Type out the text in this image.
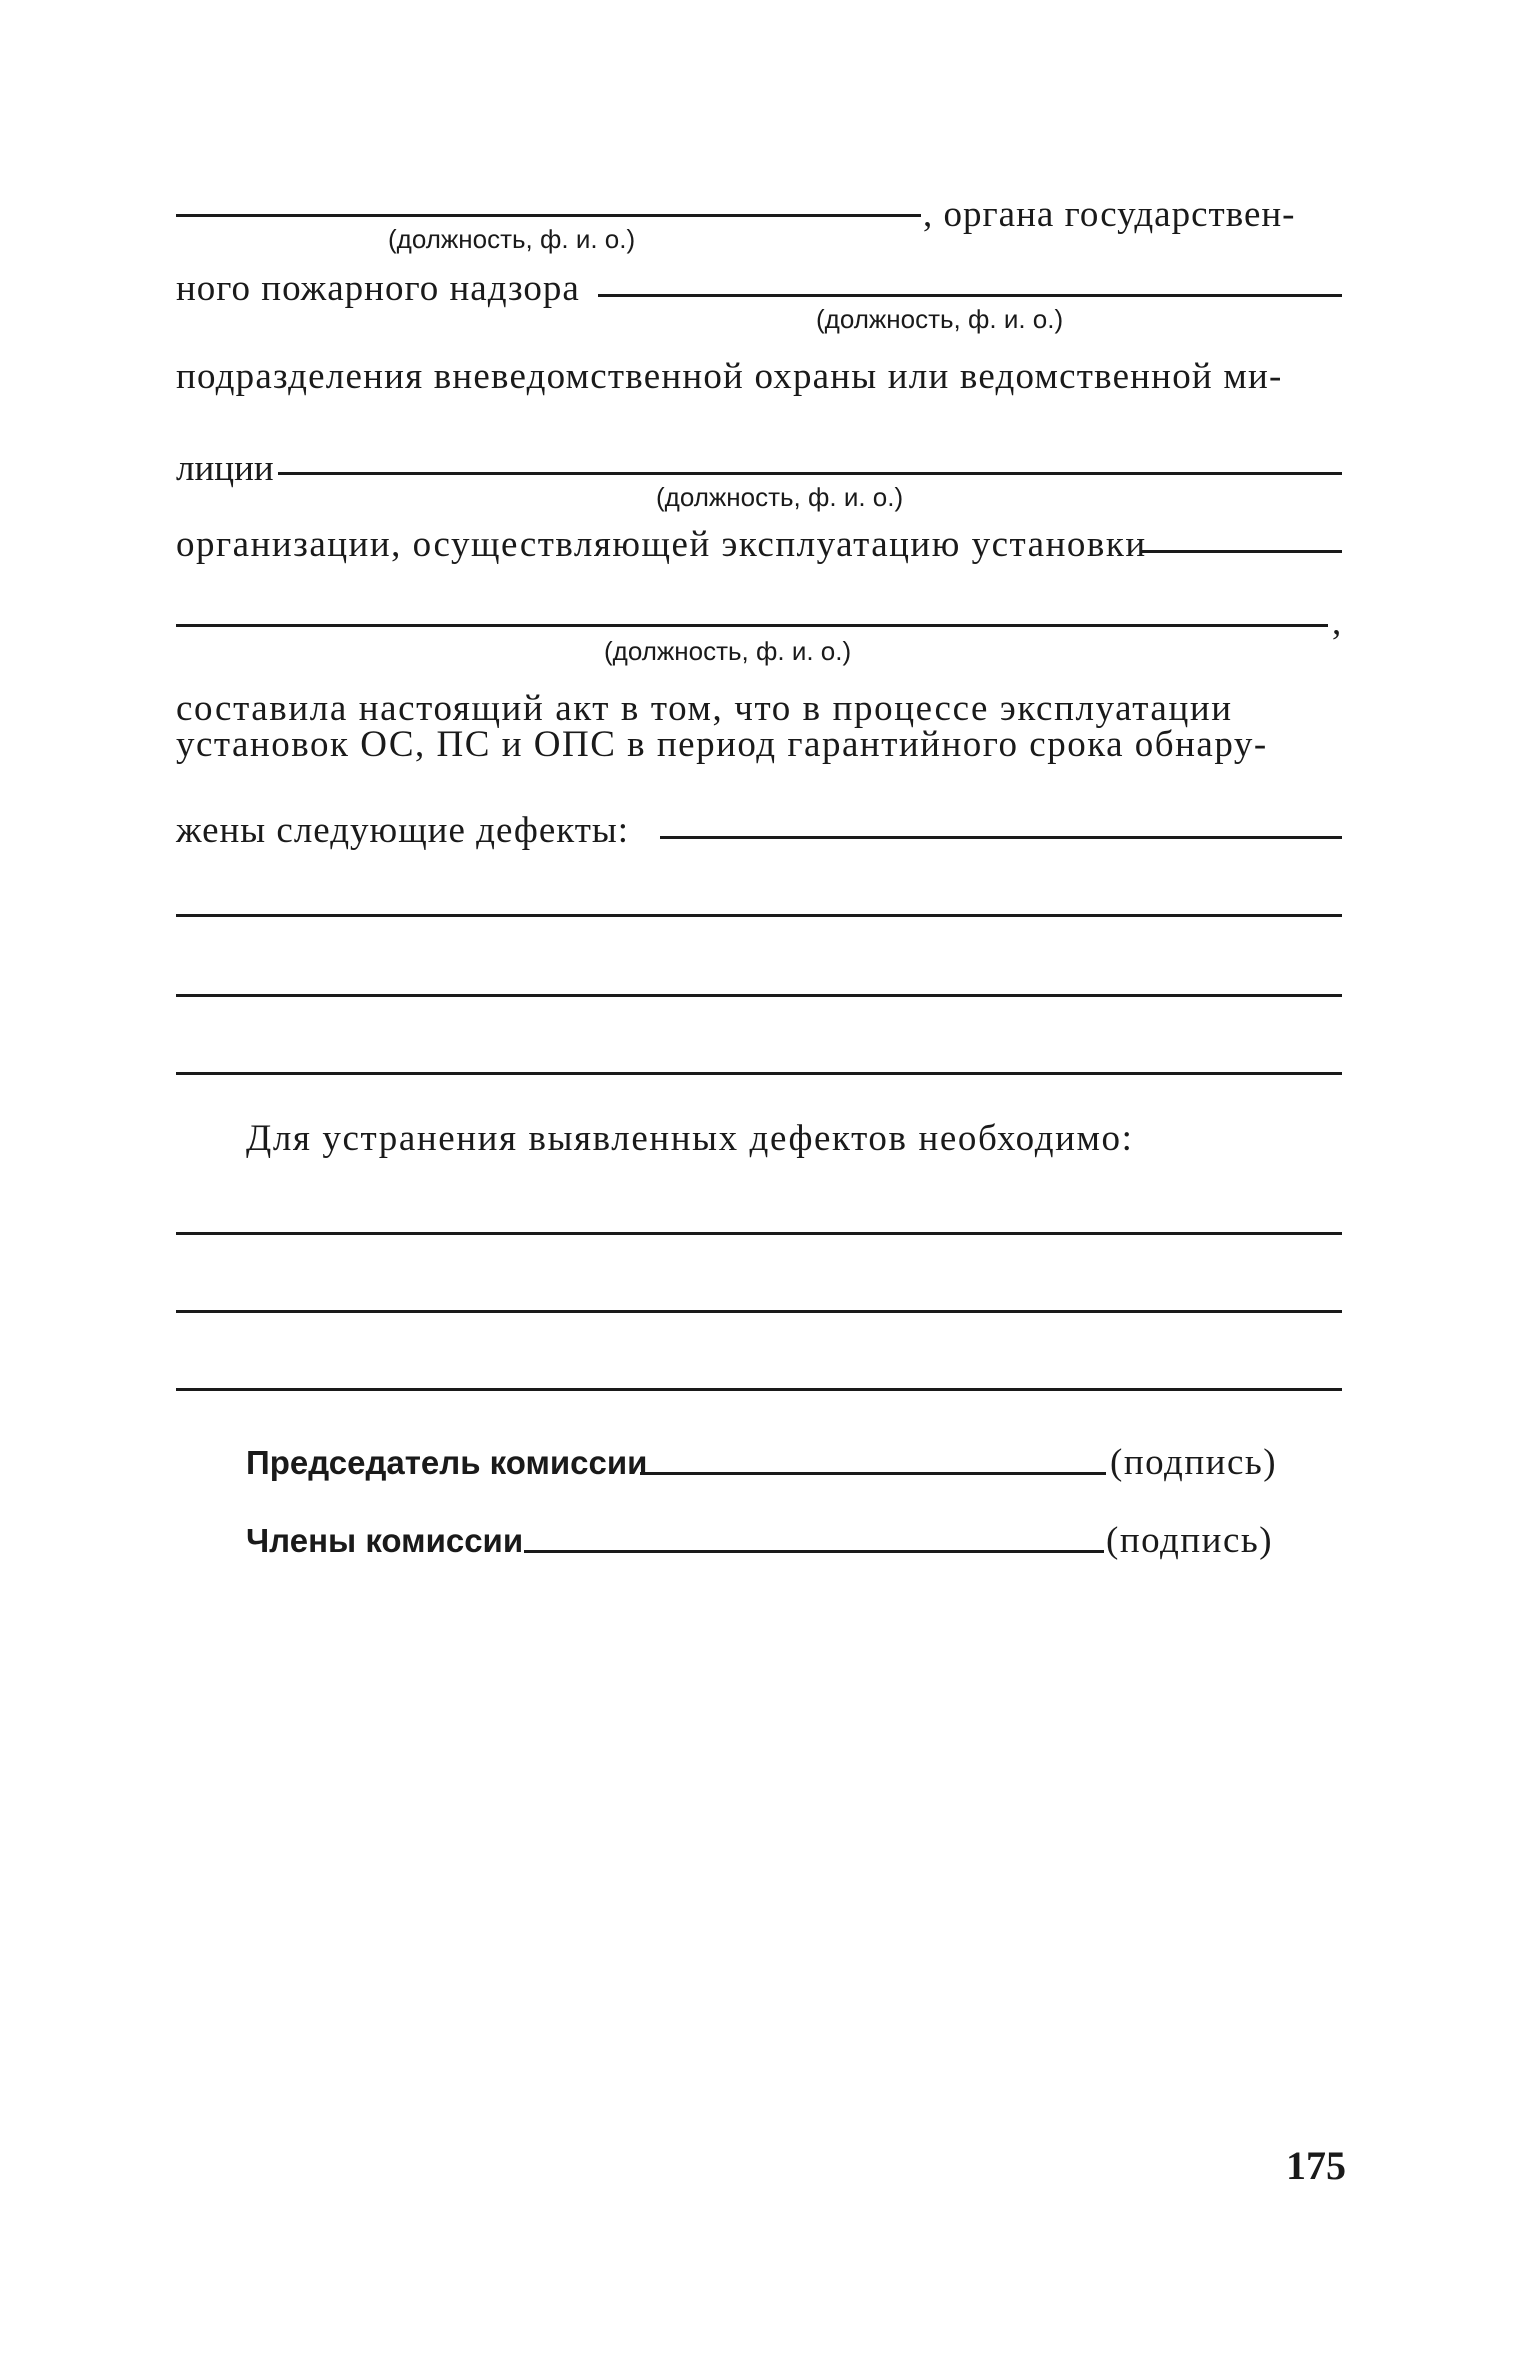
, органа государствен-
(должность, ф. и. о.)
ного пожарного надзора
(должность, ф. и. о.)
подразделения вневедомственной охраны или ведомственной ми-
лиции
(должность, ф. и. о.)
организации, осуществляющей эксплуатацию установки
,
(должность, ф. и. о.)
составила настоящий акт в том, что в процессе эксплуатации
установок ОС, ПС и ОПС в период гарантийного срока обнару-
жены следующие дефекты:
Для устранения выявленных дефектов необходимо:
Председатель комиссии	(подпись)
Члены комиссии	(подпись)
175
